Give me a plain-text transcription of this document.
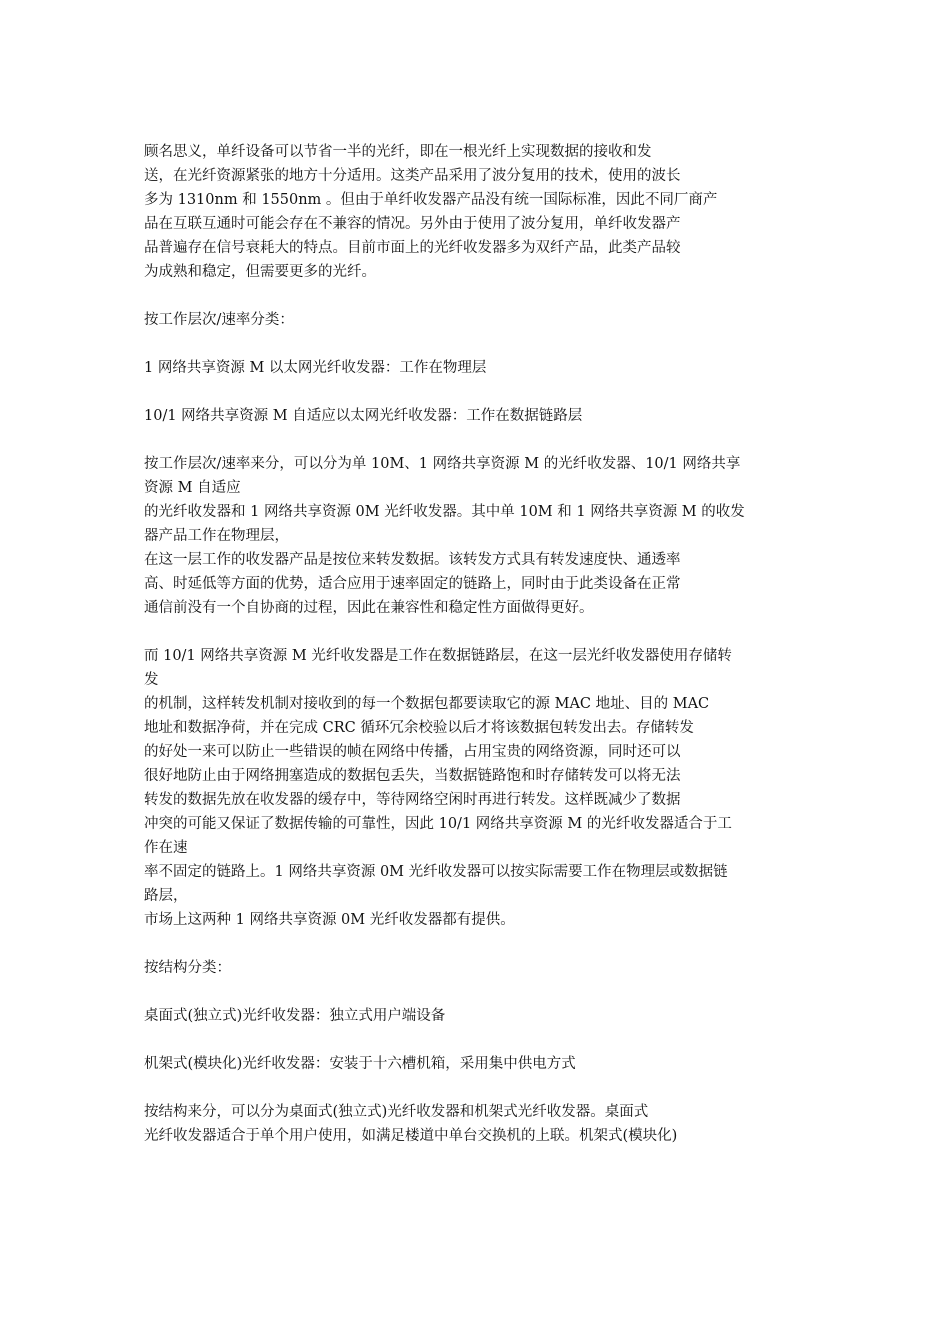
顾名思义，单纤设备可以节省一半的光纤，即在一根光纤上实现数据的接收和发
送，在光纤资源紧张的地方十分适用。这类产品采用了波分复用的技术，使用的波长
多为 1310nm 和 1550nm 。但由于单纤收发器产品没有统一国际标准，因此不同厂商产
品在互联互通时可能会存在不兼容的情况。另外由于使用了波分复用，单纤收发器产
品普遍存在信号衰耗大的特点。目前市面上的光纤收发器多为双纤产品，此类产品较
为成熟和稳定，但需要更多的光纤。
按工作层次/速率分类：
1 网络共享资源 M 以太网光纤收发器：工作在物理层
10/1 网络共享资源 M 自适应以太网光纤收发器：工作在数据链路层
按工作层次/速率来分，可以分为单 10M、1 网络共享资源 M 的光纤收发器、10/1 网络共享
资源 M 自适应
的光纤收发器和 1 网络共享资源 0M 光纤收发器。其中单 10M 和 1 网络共享资源 M 的收发
器产品工作在物理层，
在这一层工作的收发器产品是按位来转发数据。该转发方式具有转发速度快、通透率
高、时延低等方面的优势，适合应用于速率固定的链路上，同时由于此类设备在正常
通信前没有一个自协商的过程，因此在兼容性和稳定性方面做得更好。
而 10/1 网络共享资源 M 光纤收发器是工作在数据链路层，在这一层光纤收发器使用存储转
发
的机制，这样转发机制对接收到的每一个数据包都要读取它的源 MAC 地址、目的 MAC
地址和数据净荷，并在完成 CRC 循环冗余校验以后才将该数据包转发出去。存储转发
的好处一来可以防止一些错误的帧在网络中传播，占用宝贵的网络资源，同时还可以
很好地防止由于网络拥塞造成的数据包丢失，当数据链路饱和时存储转发可以将无法
转发的数据先放在收发器的缓存中，等待网络空闲时再进行转发。这样既减少了数据
冲突的可能又保证了数据传输的可靠性，因此 10/1 网络共享资源 M 的光纤收发器适合于工
作在速
率不固定的链路上。1 网络共享资源 0M 光纤收发器可以按实际需要工作在物理层或数据链
路层，
市场上这两种 1 网络共享资源 0M 光纤收发器都有提供。
按结构分类：
桌面式(独立式)光纤收发器：独立式用户端设备
机架式(模块化)光纤收发器：安装于十六槽机箱，采用集中供电方式
按结构来分，可以分为桌面式(独立式)光纤收发器和机架式光纤收发器。桌面式
光纤收发器适合于单个用户使用，如满足楼道中单台交换机的上联。机架式(模块化)
